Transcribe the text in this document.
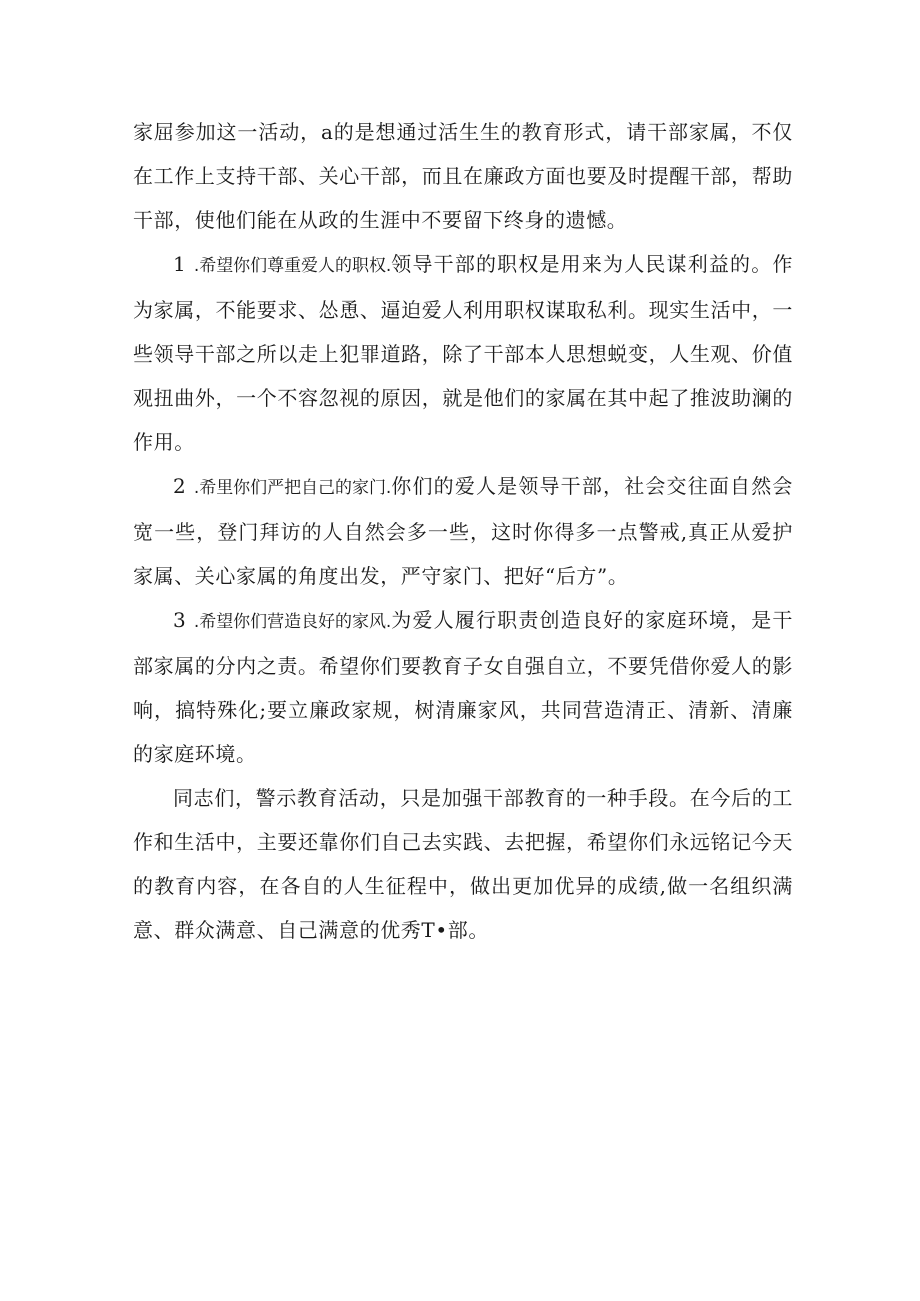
家屈参加这一活动，a的是想通过活生生的教育形式，请干部家属，不仅在工作上支持干部、关心干部，而且在廉政方面也要及时提醒干部，帮助干部，使他们能在从政的生涯中不要留下终身的遗憾。

1 .希望你们尊重爱人的职权.领导干部的职权是用来为人民谋利益的。作为家属，不能要求、怂恿、逼迫爱人利用职权谋取私利。现实生活中，一些领导干部之所以走上犯罪道路，除了干部本人思想蜕变，人生观、价值观扭曲外，一个不容忽视的原因，就是他们的家属在其中起了推波助澜的作用。

2 .希里你们严把自己的家门.你们的爱人是领导干部，社会交往面自然会宽一些，登门拜访的人自然会多一些，这时你得多一点警戒,真正从爱护家属、关心家属的角度出发，严守家门、把好“后方”。

3 .希望你们营造良好的家风.为爱人履行职责创造良好的家庭环境，是干部家属的分内之责。希望你们要教育子女自强自立，不要凭借你爱人的影响，搞特殊化;要立廉政家规，树清廉家风，共同营造清正、清新、清廉的家庭环境。

同志们，警示教育活动，只是加强干部教育的一种手段。在今后的工作和生活中，主要还靠你们自己去实践、去把握，希望你们永远铭记今天的教育内容，在各自的人生征程中，做出更加优异的成绩,做一名组织满意、群众满意、自己满意的优秀T•部。
